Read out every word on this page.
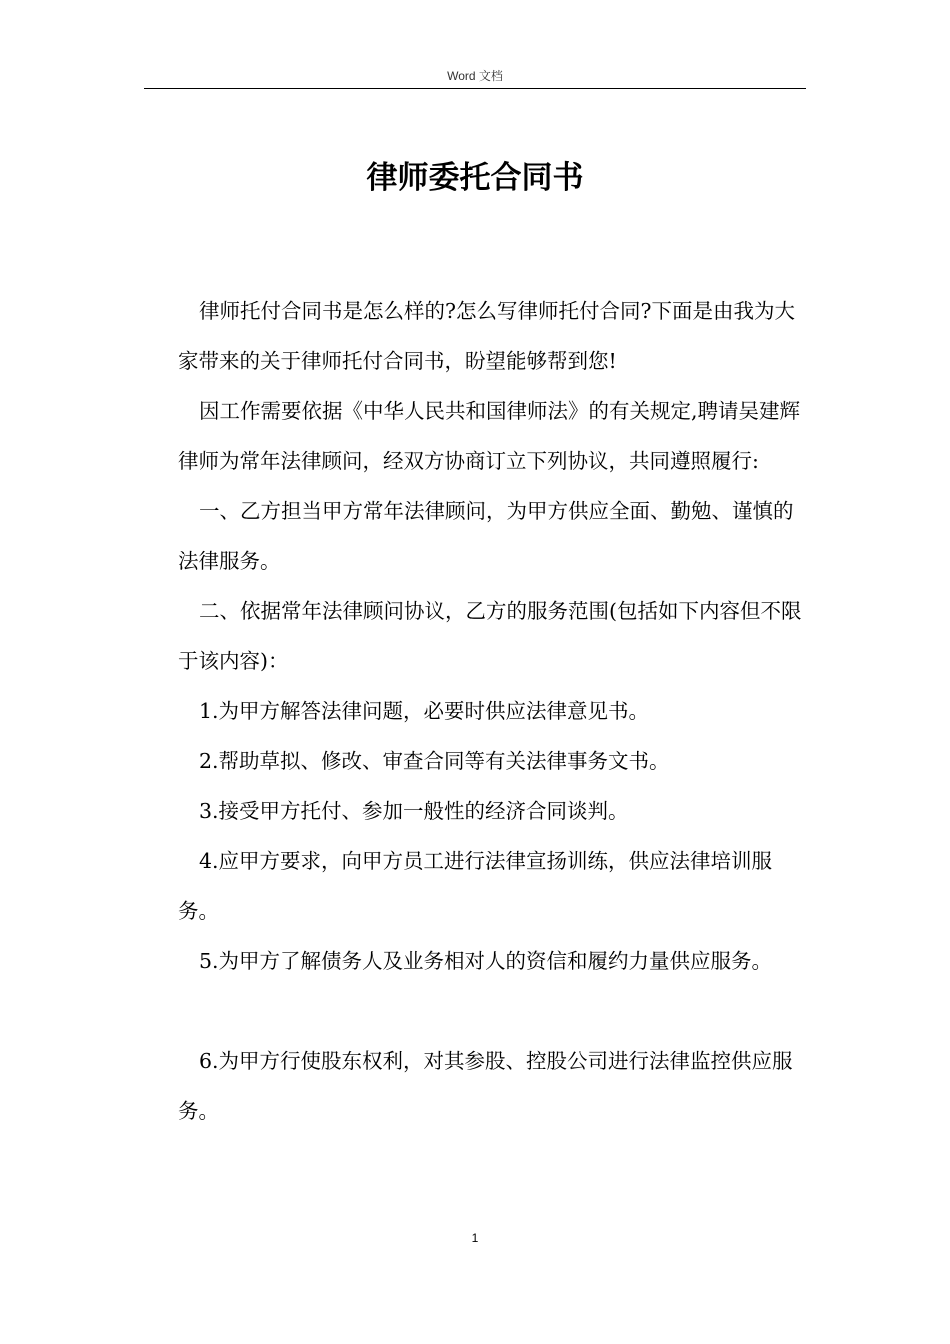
Word 文档
律师委托合同书

律师托付合同书是怎么样的?怎么写律师托付合同?下面是由我为大家带来的关于律师托付合同书，盼望能够帮到您!

因工作需要依据《中华人民共和国律师法》的有关规定,聘请吴建辉律师为常年法律顾问，经双方协商订立下列协议，共同遵照履行:

一、乙方担当甲方常年法律顾问，为甲方供应全面、勤勉、谨慎的法律服务。

二、依据常年法律顾问协议，乙方的服务范围(包括如下内容但不限于该内容)：

1.为甲方解答法律问题，必要时供应法律意见书。

2.帮助草拟、修改、审查合同等有关法律事务文书。

3.接受甲方托付、参加一般性的经济合同谈判。

4.应甲方要求，向甲方员工进行法律宣扬训练，供应法律培训服务。

5.为甲方了解债务人及业务相对人的资信和履约力量供应服务。

6.为甲方行使股东权利，对其参股、控股公司进行法律监控供应服务。

1
